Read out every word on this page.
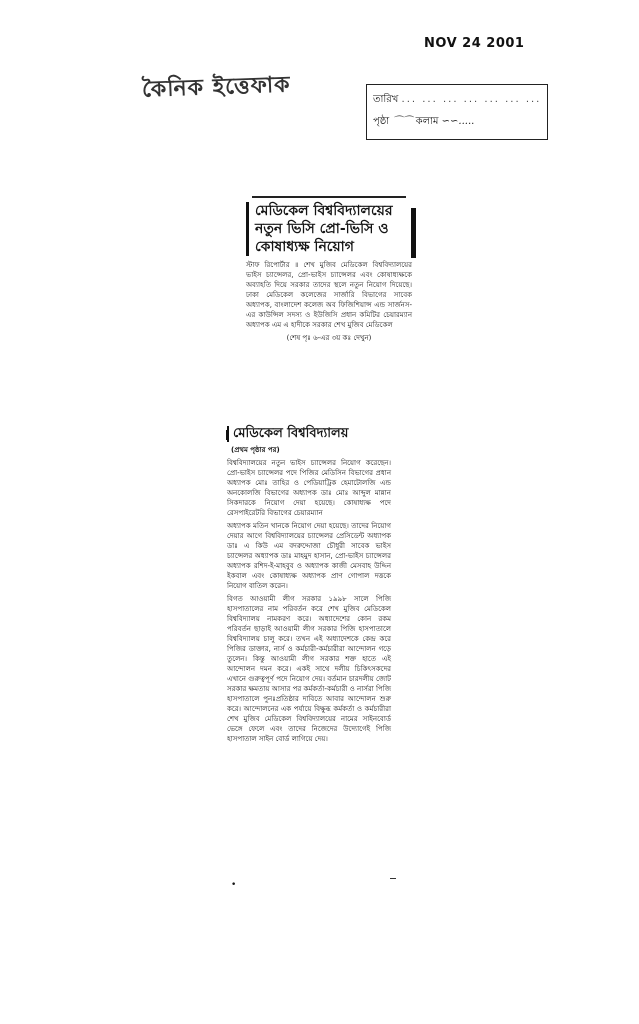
NOV 24 2001
কৈনিক ইত্তেফাক	তারিখ ... ... ... ... ... ... ...
পৃষ্ঠা ⌒⌒ কলাম ∽∽.....
মেডিকেল বিশ্ববিদ্যালয়ের নতুন ভিসি প্রো-ভিসি ও কোষাধ্যক্ষ নিয়োগ

স্টাফ রিপোর্টার ॥ শেখ মুজিব মেডিকেল বিশ্ববিদ্যালয়ের ভাইস চ্যান্সেলর, প্রো-ভাইস চ্যান্সেলর এবং কোষাধ্যক্ষকে অব্যাহতি দিয়ে সরকার তাদের স্থলে নতুন নিয়োগ দিয়েছে। ঢাকা মেডিকেল কলেজের সার্জারি বিভাগের সাবেক অধ্যাপক, বাংলাদেশ কলেজ অব ফিজিশিয়ান্স এন্ড সার্জনস-এর কাউন্সিল সদস্য ও ইউজিসি প্রধান কমিটির চেয়ারম্যান অধ্যাপক এম এ হাদীকে সরকার শেখ মুজিব মেডিকেল

(শেষ পৃঃ ৬-এর ৩য় কঃ দেখুন)
মেডিকেল বিশ্ববিদ্যালয়
(প্রথম পৃষ্ঠার পর)

বিশ্ববিদ্যালয়ের নতুন ভাইস চ্যান্সেলর নিয়োগ করেছেন। প্রো-ভাইস চ্যান্সেলর পদে পিজির মেডিসিন বিভাগের প্রধান অধ্যাপক মোঃ তাহির ও পেডিয়াট্রিক হেমাটোলজি এন্ড অনকোলজি বিভাগের অধ্যাপক ডাঃ মোঃ আব্দুল মান্নান সিকদারকে নিয়োগ দেয়া হয়েছে। কোষাধ্যক্ষ পদে রেসপাইরেটরি বিভাগের চেয়ারম্যান

অধ্যাপক মতিন খানকে নিয়োগ দেয়া হয়েছে। তাদের নিয়োগ দেয়ার আগে বিশ্ববিদ্যালয়ের চ্যান্সেলর প্রেসিডেন্ট অধ্যাপক ডাঃ এ কিউ এম বদরুদ্দোজা চৌধুরী সাবেক ভাইস চ্যান্সেলর অধ্যাপক ডাঃ মাহমুদ হাসান, প্রো-ভাইস চ্যান্সেলর অধ্যাপক রশিদ-ই-মাহবুব ও অধ্যাপক কাজী মেসবাহ উদ্দিন ইকবাল এবং কোষাধ্যক্ষ অধ্যাপক প্রাণ গোপাল দত্তকে নিয়োগ বাতিল করেন।

বিগত আওয়ামী লীগ সরকার ১৯৯৮ সালে পিজি হাসপাতালের নাম পরিবর্তন করে শেখ মুজিব মেডিকেল বিশ্ববিদ্যালয় নামকরণ করে। অধ্যাদেশের কোন রকম পরিবর্তন ছাড়াই আওয়ামী লীগ সরকার পিজি হাসপাতালে বিশ্ববিদ্যালয় চালু করে। তখন এই অধ্যাদেশকে কেন্দ্র করে পিজির ডাক্তার, নার্স ও কর্মচারী-কর্মচারীরা আন্দোলন গড়ে তুলেন। কিন্তু আওয়ামী লীগ সরকার শক্ত হাতে এই আন্দোলন দমন করে। একই সাথে দলীয় চিকিৎসকদের এখানে গুরুত্বপূর্ণ পদে নিয়োগ দেয়। বর্তমান চারদলীয় জোট সরকার ক্ষমতায় আসার পর কর্মকর্তা-কর্মচারী ও নার্সরা পিজি হাসপাতালে পুনঃপ্রতিষ্ঠার দাবিতে আবার আন্দোলন শুরু করে। আন্দোলনের এক পর্যায়ে বিক্ষুব্ধ কর্মকর্তা ও কর্মচারীরা শেখ মুজিব মেডিকেল বিশ্ববিদ্যালয়ের নামের সাইনবোর্ড ভেঙ্গে ফেলে এবং তাদের নিজেদের উদ্যোগেই পিজি হাসপাতাল সাইন বোর্ড লাগিয়ে দেয়।

•
